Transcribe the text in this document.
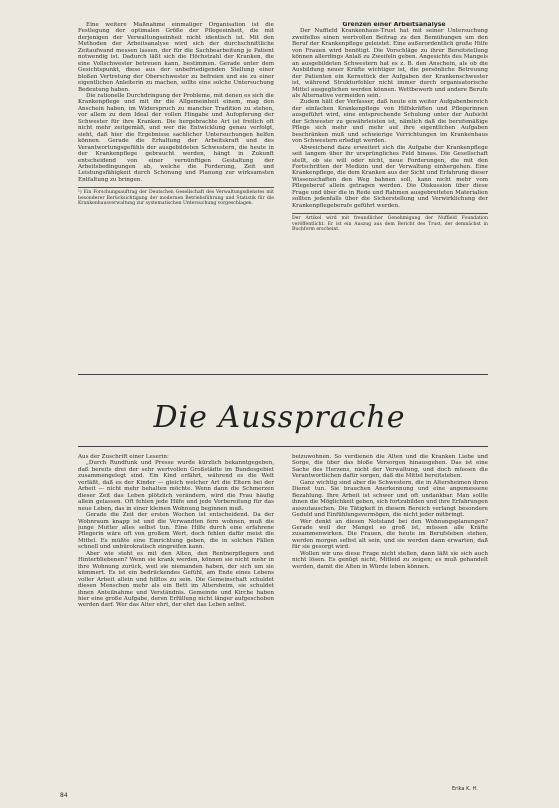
Eine weitere Maßnahme einmaliger Organisation ist die Festlegung der optimalen Größe der Pflegeeinheit, die mit derjenigen der Verwaltungseinheit nicht identisch ist. Mit den Methoden der Arbeitsanalyse wird sich der durchschnittliche Zeitaufwand messen lassen, der für die Sachbearbeitung je Patient notwendig ist. Dadurch läßt sich die Höchstzahl der Kranken, die eine Vollschwester betreuen kann, bestimmen. Gerade unter dem Gesichtspunkt, diese aus der unbefriedigenden Stellung einer bloßen Vertretung der Oberschwester zu befreien und sie zu einer eigentlichen Anleiterin zu machen, sollte eine solche Untersuchung Bedeutung haben.

Die rationelle Durchdringung der Probleme, mit denen es sich die Krankenpflege und mit ihr die Allgemeinheit einem, mag den Anschein haben, im Widerspruch zu mancher Tradition zu stehen, vor allem zu dem Ideal der vollen Hingabe und Aufopferung der Schwester für ihre Kranken. Die hergebrachte Art ist freilich oft nicht mehr zeitgemäß, und wer die Entwicklung genau verfolgt, sieht, daß hier die Ergebnisse sachlicher Untersuchungen helfen können. Gerade die Erhaltung der Arbeitskraft und des Verantwortungsgefühls der ausgebildeten Schwestern, die heute in der Krankenpflege gebraucht werden, hängt in Zukunft entscheidend von einer vernünftigen Gestaltung der Arbeitsbedingungen ab, welche die Forderung, Zeit und Leistungsfähigkeit durch Schonung und Planung zur wirksamsten Entfaltung zu bringen.

¹) Ein Forschungsauftrag der Deutschen Gesellschaft des Verwaltungsdienstes mit besonderer Berücksichtigung der modernen Betriebsführung und Statistik für die Krankenhausverwaltung zur systematischen Untersuchung vorgeschlagen.

Grenzen einer Arbeitsanalyse

Der Nuffield Krankenhaus-Trust hat mit seiner Untersuchung zweifellos einen wertvollen Beitrag zu den Bemühungen um den Beruf der Krankenpflege geleistet. Eine außerordentlich große Hilfe von Frauen wird benötigt. Die Vorschläge zu ihrer Bereitstellung können allerdings Anlaß zu Zweifeln geben. Angesichts des Mangels an ausgebildeten Schwestern hat es z. B. den Anschein, als ob die Ausbildung neuer Kräfte wichtiger ist, die persönliche Betreuung der Patienten ein Kernstück der Aufgaben der Krankenschwester ist, während Strukturfehler nicht immer durch organisatorische Mittel ausgeglichen werden können. Wettbewerb und andere Berufe als Alternative vermeiden sein.

Zudem hält der Verfasser, daß heute ein weiter Aufgabenbereich der einfachen Krankenpflege von Hilfskräften und Pflegerinnen ausgeführt wird, eine entsprechende Schulung unter der Aufsicht der Schwester zu gewährleisten ist, nämlich daß die berufsmäßige Pflege sich mehr und mehr auf ihre eigentlichen Aufgaben beschränken muß und schwierige Verrichtungen im Krankenhaus von Schwestern erledigt werden.

Abweichend dazu erweitert sich die Aufgabe der Krankenpflege seit langem über ihr ursprüngliches Feld hinaus. Die Gesellschaft stellt, ob sie will oder nicht, neue Forderungen, die mit den Fortschritten der Medizin und der Verwaltung einhergehen. Eine Krankenpflege, die dem Kranken aus der Sicht und Erfahrung dieser Wissenschaften den Weg bahnen soll, kann nicht mehr vom Pflegeberuf allein getragen werden. Die Diskussion über diese Frage und über die in Rede und Rahmen ausgebreiteten Materialien sollten jedenfalls über die Sicherstellung und Verwirklichung der Krankenpflegeberufe geführt werden.

Der Artikel wird mit freundlicher Genehmigung der Nuffield Foundation veröffentlicht. Er ist ein Auszug aus dem Bericht des Trust, der demnächst in Buchform erscheint.

Die Aussprache

Aus der Zuschrift einer Leserin:

„Durch Rundfunk und Presse wurde kürzlich bekanntgegeben, daß bereits drei der sehr wertvollen Großstädte im Bundesgebiet zusammengelegt sind. Ein Kind erfährt, während es die Welt verläßt, daß es der Kinder — gleich welcher Art die Eltern bei der Arbeit — nicht mehr behalten möchte. Wenn dann die Schmerzen dieser Zeit das Leben plötzlich verändern, wird die Frau häufig allein gelassen. Oft fehlen jede Hilfe und jede Vorbereitung für das neue Leben, das in einer kleinen Wohnung beginnen muß.

Gerade die Zeit der ersten Wochen ist entscheidend. Da der Wohnraum knapp ist und die Verwandten fern wohnen, muß die junge Mutter alles selbst tun. Eine Hilfe durch eine erfahrene Pflegerin wäre oft von großem Wert, doch fehlen dafür meist die Mittel. Es müßte eine Einrichtung geben, die in solchen Fällen schnell und unbürokratisch eingreifen kann.

Aber wie steht es mit den Alten, den Rentnerpflegern und Hinterbliebenen? Wenn sie krank werden, können sie nicht mehr in ihre Wohnung zurück, weil sie niemanden haben, der sich um sie kümmert. Es ist ein bedrückendes Gefühl, am Ende eines Lebens voller Arbeit allein und hilflos zu sein. Die Gemeinschaft schuldet diesen Menschen mehr als ein Bett im Altersheim, sie schuldet ihnen Anteilnahme und Verständnis. Gemeinde und Kirche haben hier eine große Aufgabe, deren Erfüllung nicht länger aufgeschoben werden darf. Wer das Alter ehrt, der ehrt das Leben selbst.

beizuwohnen. So verdienen die Alten und die Kranken Liebe und Sorge, die über das bloße Versorgen hinausgehen. Das ist eine Sache des Herzens, nicht der Verwaltung, und doch müssen die Verantwortlichen dafür sorgen, daß die Mittel bereitstehen.

Ganz wichtig sind aber die Schwestern, die in Altersheimen ihren Dienst tun. Sie brauchen Anerkennung und eine angemessene Bezahlung. Ihre Arbeit ist schwer und oft undankbar. Man sollte ihnen die Möglichkeit geben, sich fortzubilden und ihre Erfahrungen auszutauschen. Die Tätigkeit in diesem Bereich verlangt besondere Geduld und Einfühlungsvermögen, die nicht jeder mitbringt.

Wer denkt an diesen Notstand bei den Wohnungsplanungen? Gerade weil der Mangel so groß ist, müssen alle Kräfte zusammenwirken. Die Frauen, die heute im Berufsleben stehen, werden morgen selbst alt sein, und sie werden dann erwarten, daß für sie gesorgt wird.

Wollen wir uns diese Frage nicht stellen, dann läßt sie sich auch nicht lösen. Es genügt nicht, Mitleid zu zeigen; es muß gehandelt werden, damit die Alten in Würde leben können.

Erika K. H.
84
